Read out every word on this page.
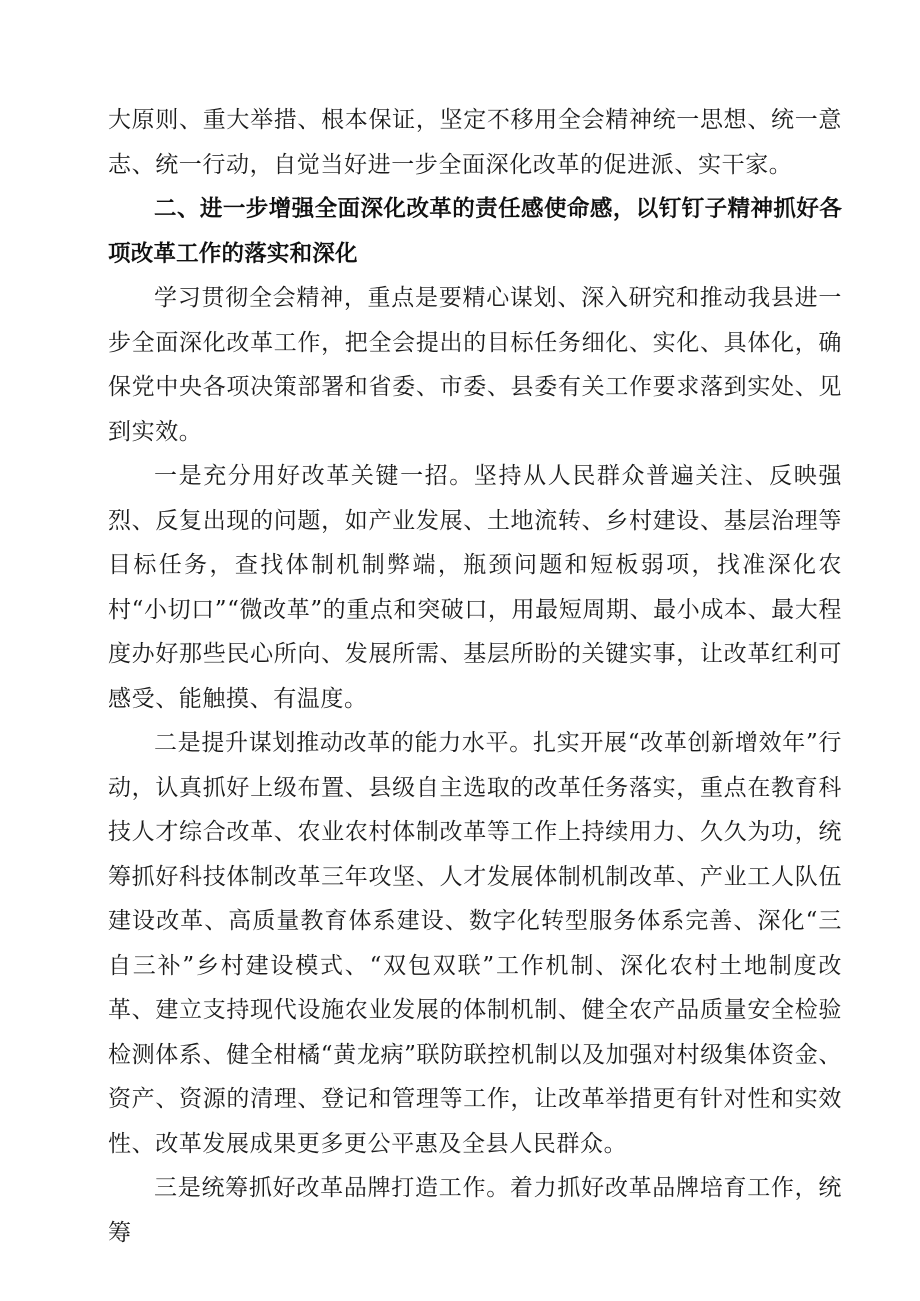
大原则、重大举措、根本保证，坚定不移用全会精神统一思想、统一意志、统一行动，自觉当好进一步全面深化改革的促进派、实干家。

二、进一步增强全面深化改革的责任感使命感，以钉钉子精神抓好各项改革工作的落实和深化

学习贯彻全会精神，重点是要精心谋划、深入研究和推动我县进一步全面深化改革工作，把全会提出的目标任务细化、实化、具体化，确保党中央各项决策部署和省委、市委、县委有关工作要求落到实处、见到实效。

一是充分用好改革关键一招。坚持从人民群众普遍关注、反映强烈、反复出现的问题，如产业发展、土地流转、乡村建设、基层治理等目标任务，查找体制机制弊端，瓶颈问题和短板弱项，找准深化农村“小切口”“微改革”的重点和突破口，用最短周期、最小成本、最大程度办好那些民心所向、发展所需、基层所盼的关键实事，让改革红利可感受、能触摸、有温度。

二是提升谋划推动改革的能力水平。扎实开展“改革创新增效年”行动，认真抓好上级布置、县级自主选取的改革任务落实，重点在教育科技人才综合改革、农业农村体制改革等工作上持续用力、久久为功，统筹抓好科技体制改革三年攻坚、人才发展体制机制改革、产业工人队伍建设改革、高质量教育体系建设、数字化转型服务体系完善、深化“三自三补”乡村建设模式、“双包双联”工作机制、深化农村土地制度改革、建立支持现代设施农业发展的体制机制、健全农产品质量安全检验检测体系、健全柑橘“黄龙病”联防联控机制以及加强对村级集体资金、资产、资源的清理、登记和管理等工作，让改革举措更有针对性和实效性、改革发展成果更多更公平惠及全县人民群众。

三是统筹抓好改革品牌打造工作。着力抓好改革品牌培育工作，统筹
